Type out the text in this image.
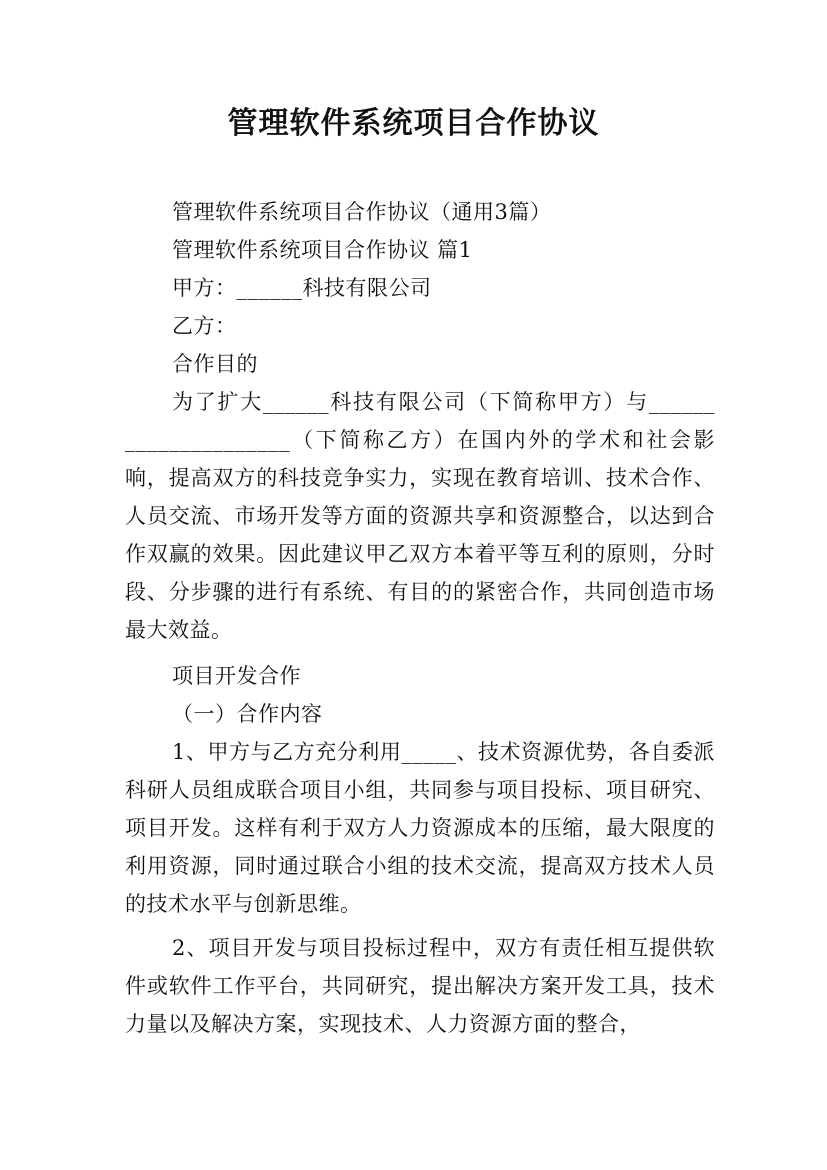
管理软件系统项目合作协议

管理软件系统项目合作协议（通用3篇）

管理软件系统项目合作协议 篇1

甲方：______科技有限公司

乙方：

合作目的

为了扩大______科技有限公司（下简称甲方）与______ _______________（下简称乙方）在国内外的学术和社会影响，提高双方的科技竞争实力，实现在教育培训、技术合作、人员交流、市场开发等方面的资源共享和资源整合，以达到合作双赢的效果。因此建议甲乙双方本着平等互利的原则，分时段、分步骤的进行有系统、有目的的紧密合作，共同创造市场最大效益。

项目开发合作

（一）合作内容

1、甲方与乙方充分利用_____、技术资源优势，各自委派科研人员组成联合项目小组，共同参与项目投标、项目研究、项目开发。这样有利于双方人力资源成本的压缩，最大限度的利用资源，同时通过联合小组的技术交流，提高双方技术人员的技术水平与创新思维。

2、项目开发与项目投标过程中，双方有责任相互提供软件或软件工作平台，共同研究，提出解决方案开发工具，技术力量以及解决方案，实现技术、人力资源方面的整合，
